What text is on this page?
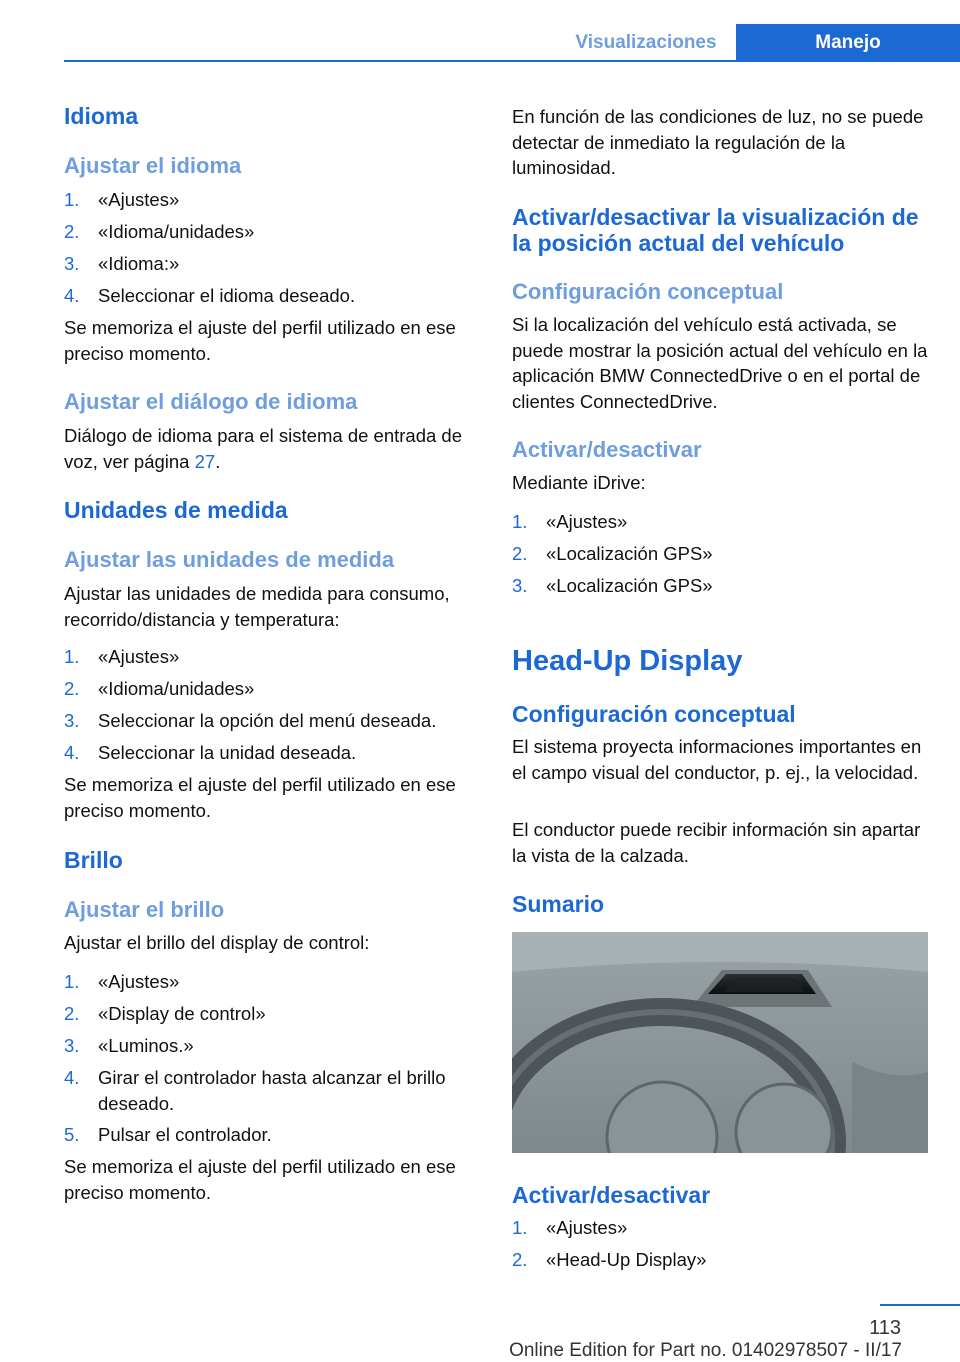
Visualizaciones	Manejo
Idioma
Ajustar el idioma
1. «Ajustes»
2. «Idioma/unidades»
3. «Idioma:»
4. Seleccionar el idioma deseado.
Se memoriza el ajuste del perfil utilizado en ese preciso momento.
Ajustar el diálogo de idioma
Diálogo de idioma para el sistema de entrada de voz, ver página 27.
Unidades de medida
Ajustar las unidades de medida
Ajustar las unidades de medida para consumo, recorrido/distancia y temperatura:
1. «Ajustes»
2. «Idioma/unidades»
3. Seleccionar la opción del menú deseada.
4. Seleccionar la unidad deseada.
Se memoriza el ajuste del perfil utilizado en ese preciso momento.
Brillo
Ajustar el brillo
Ajustar el brillo del display de control:
1. «Ajustes»
2. «Display de control»
3. «Luminos.»
4. Girar el controlador hasta alcanzar el brillo deseado.
5. Pulsar el controlador.
Se memoriza el ajuste del perfil utilizado en ese preciso momento.
En función de las condiciones de luz, no se puede detectar de inmediato la regulación de la luminosidad.
Activar/desactivar la visualización de la posición actual del vehículo
Configuración conceptual
Si la localización del vehículo está activada, se puede mostrar la posición actual del vehículo en la aplicación BMW ConnectedDrive o en el portal de clientes ConnectedDrive.
Activar/desactivar
Mediante iDrive:
1. «Ajustes»
2. «Localización GPS»
3. «Localización GPS»
Head-Up Display
Configuración conceptual
El sistema proyecta informaciones importantes en el campo visual del conductor, p. ej., la velocidad.
El conductor puede recibir información sin apartar la vista de la calzada.
Sumario
Activar/desactivar
1. «Ajustes»
2. «Head-Up Display»
113
Online Edition for Part no. 01402978507 - II/17
